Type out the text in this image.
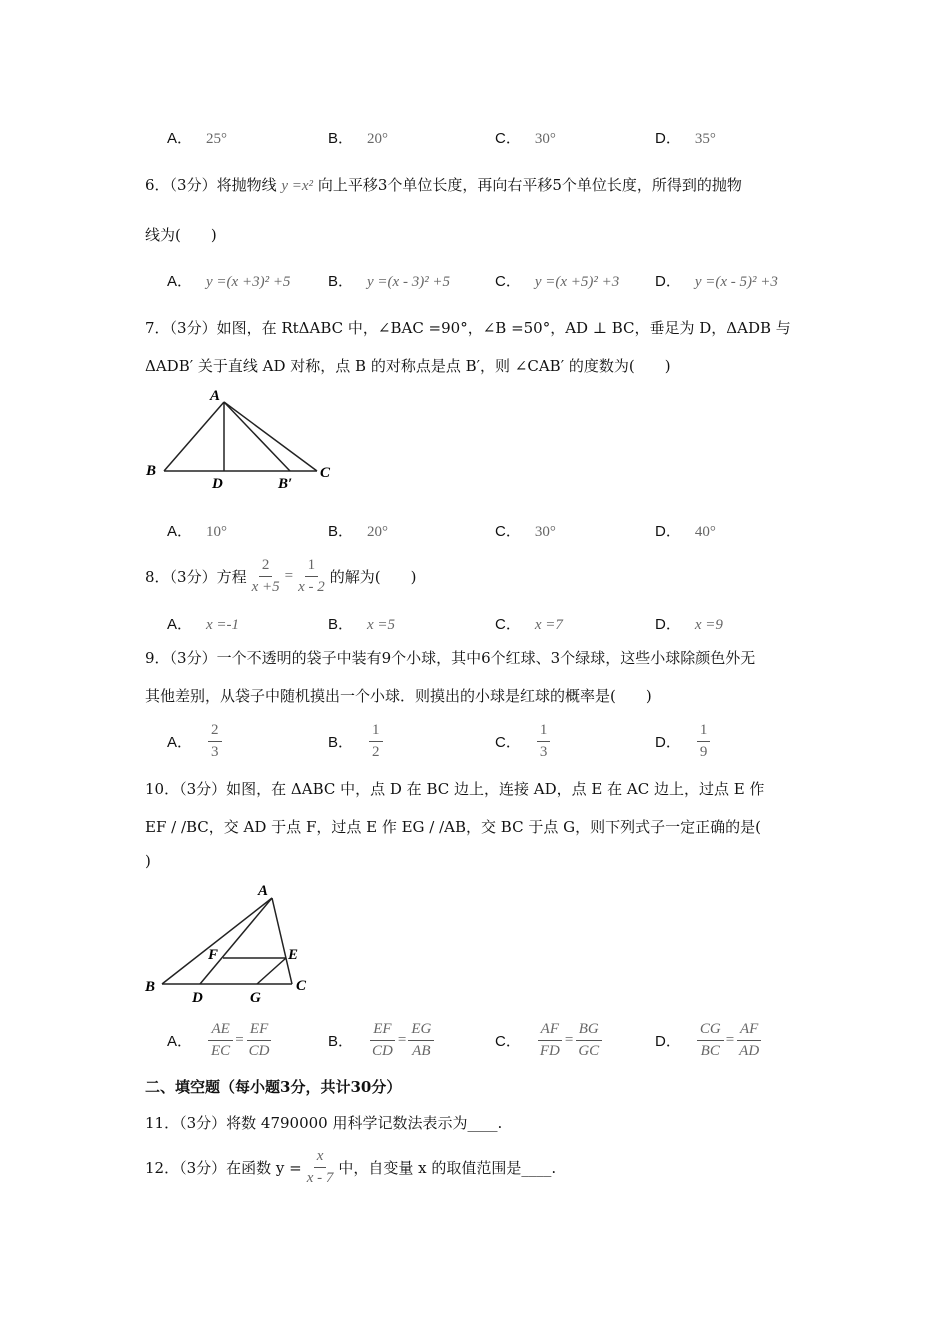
A． 25°	B． 20°	C． 30°	D． 35°
6．（3分）将抛物线 y =x² 向上平移3个单位长度，再向右平移5个单位长度，所得到的抛物
线为(　　)
A． y =(x +3)² +5	B． y =(x - 3)² +5	C． y =(x +5)² +3 D． y =(x - 5)² +3
7．（3分）如图，在 RtΔABC 中，∠BAC =90°，∠B =50°，AD ⊥ BC，垂足为 D，ΔADB 与
ΔADB′ 关于直线 AD 对称，点 B 的对称点是点 B′，则 ∠CAB′ 的度数为(　　)
A
B	C
D	B′
A． 10°	B． 20°	C． 30°	D． 40°
8．（3分）方程 $\frac{2}{x +5} = \frac{1}{x - 2}$ 的解为(　　)
A． x =-1	B． x =5	C． x =7	D． x =9
9．（3分）一个不透明的袋子中装有9个小球，其中6个红球、3个绿球，这些小球除颜色外无
其他差别，从袋子中随机摸出一个小球．则摸出的小球是红球的概率是(　　)
A． $\frac{2}{3}$	B． $\frac{1}{2}$	C． $\frac{1}{3}$	D． $\frac{1}{9}$
10．（3分）如图，在 ΔABC 中，点 D 在 BC 边上，连接 AD，点 E 在 AC 边上，过点 E 作
EF / /BC，交 AD 于点 F，过点 E 作 EG / /AB，交 BC 于点 G，则下列式子一定正确的是(
)
A
B	C
D
E
F
G
A． $\frac{AE}{EC} = \frac{EF}{CD}$	B． $\frac{EF}{CD} = \frac{EG}{AB}$	C． $\frac{AF}{FD} = \frac{BG}{GC}$	D． $\frac{CG}{BC} = \frac{AF}{AD}$
二、填空题（每小题3分，共计30分）
11．（3分）将数 4790000 用科学记数法表示为____.
12．（3分）在函数 $y = \frac{x}{x - 7}$ 中，自变量 x 的取值范围是____.
